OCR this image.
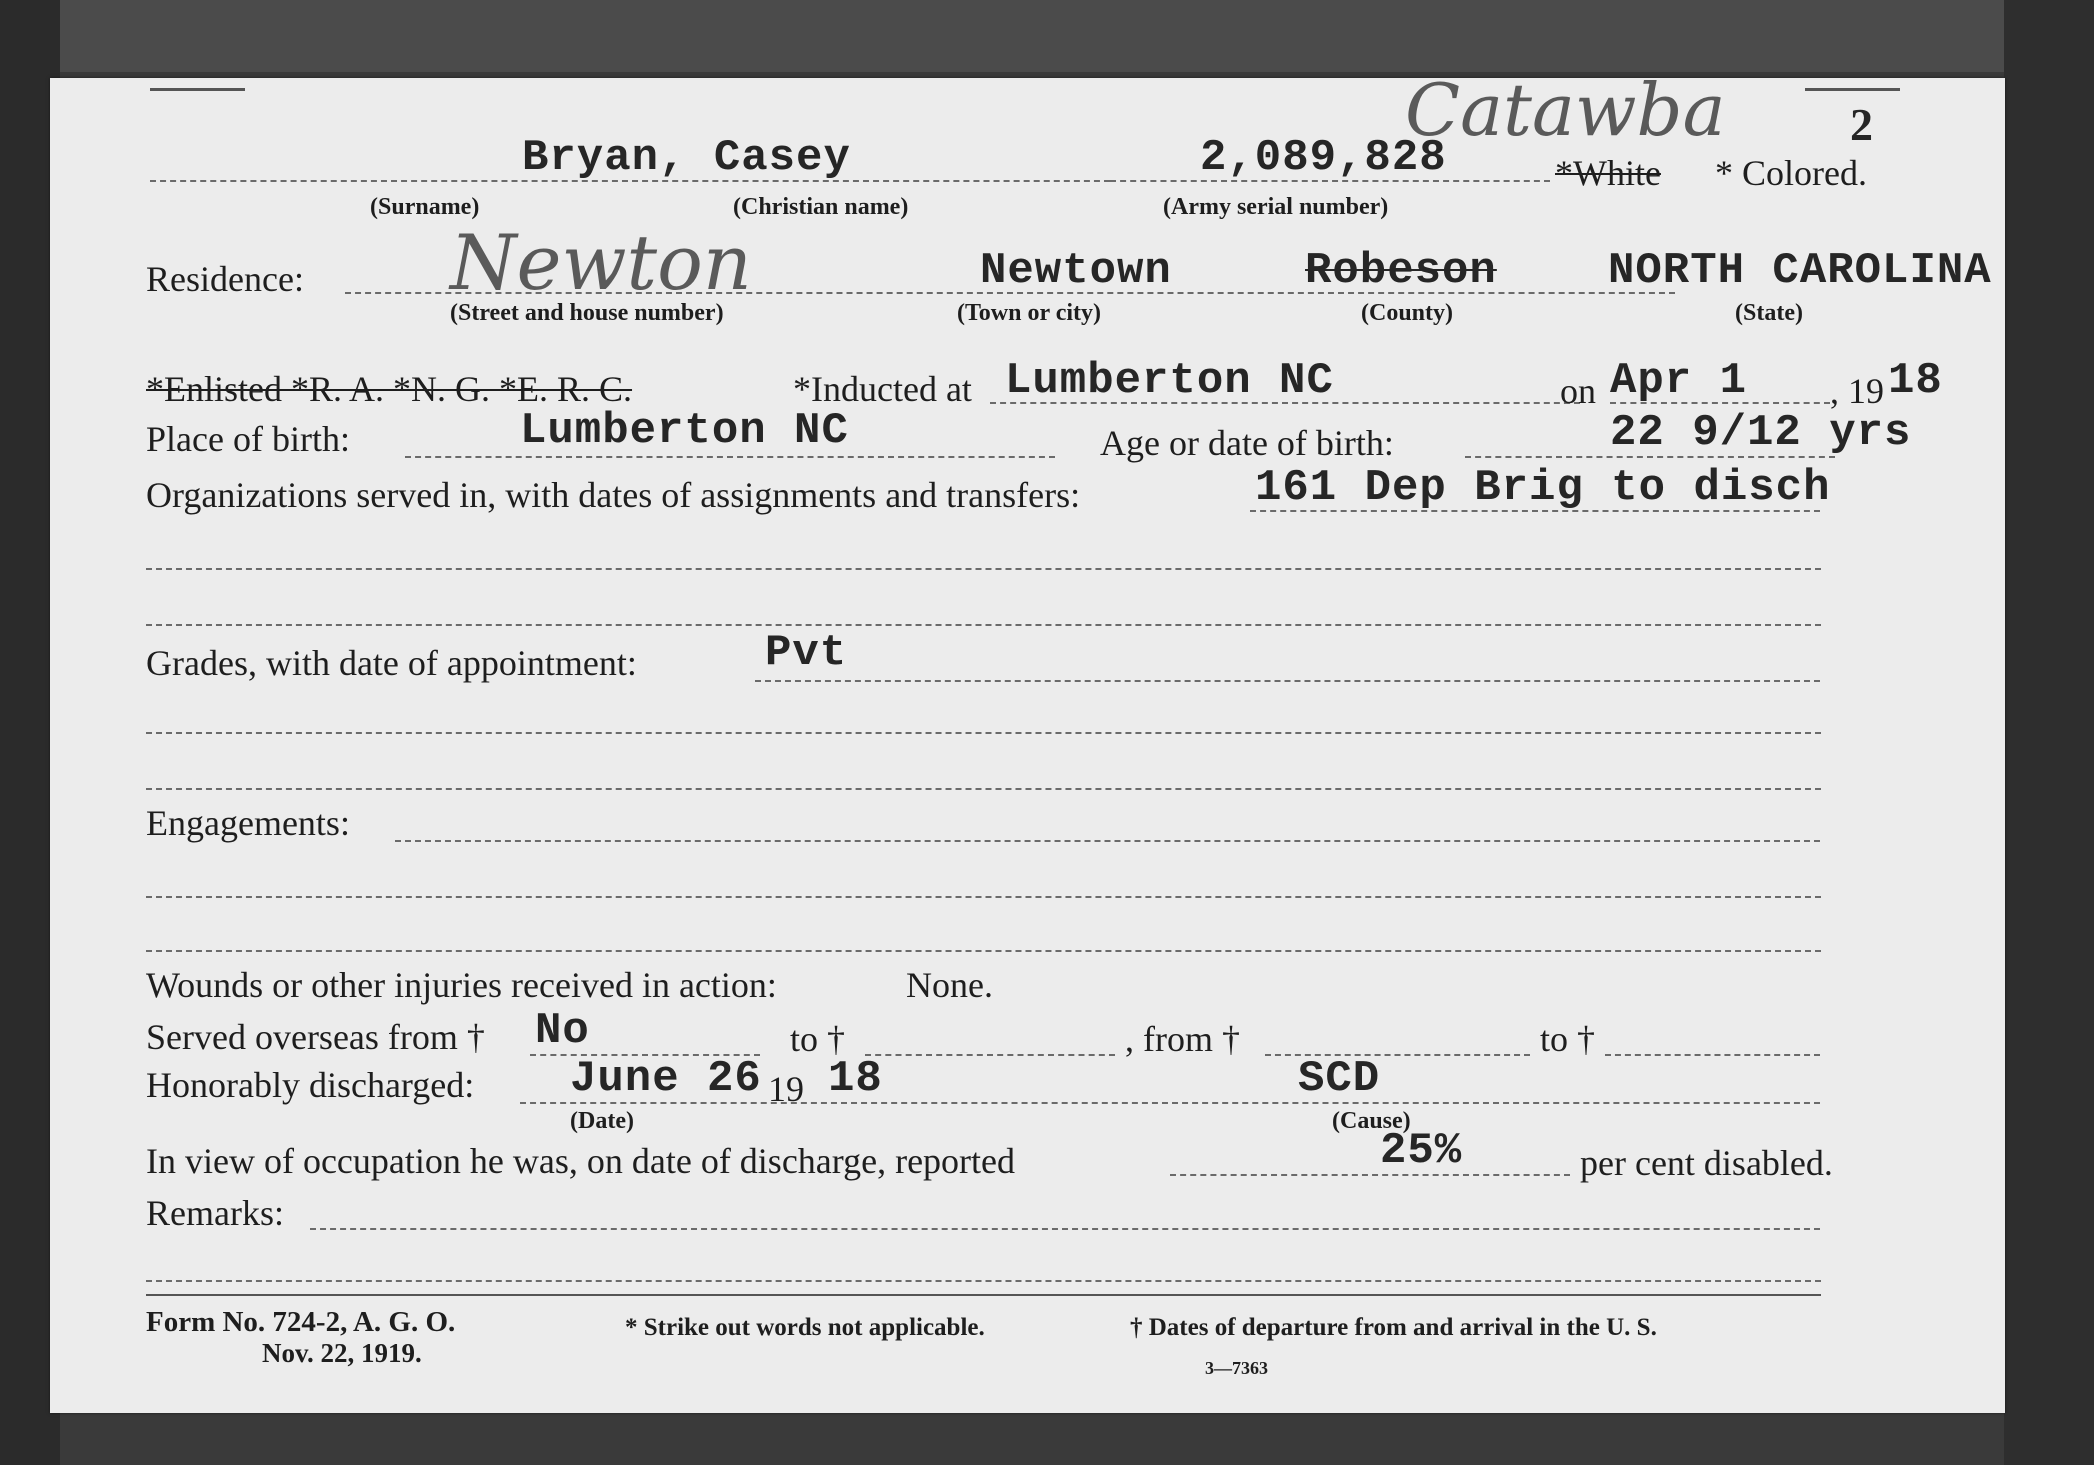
Catawba	2
Bryan, Casey	2,089,828	*White * Colored.
(Surname)	(Christian name)	(Army serial number)
Residence: Newton	Newtown	Robeson	NORTH CAROLINA
(Street and house number)	(Town or city)	(County)	(State)
*Enlisted *R. A. *N. G. *E. R. C.	*Inducted at Lumberton NC	on Apr 1 , 19 18
Place of birth:	Lumberton NC	Age or date of birth:	22 9/12 yrs
Organizations served in, with dates of assignments and transfers:	161 Dep Brig to disch
Grades, with date of appointment:	Pvt
Engagements:
Wounds or other injuries received in action:	None.
Served overseas from † No	to †	, from †	to †
Honorably discharged: June 26 19 18	SCD
(Date)	(Cause)
In view of occupation he was, on date of discharge, reported	25%	per cent disabled.
Remarks:
Form No. 724-2, A. G. O.
Nov. 22, 1919.
* Strike out words not applicable.	† Dates of departure from and arrival in the U. S.
3—7363
